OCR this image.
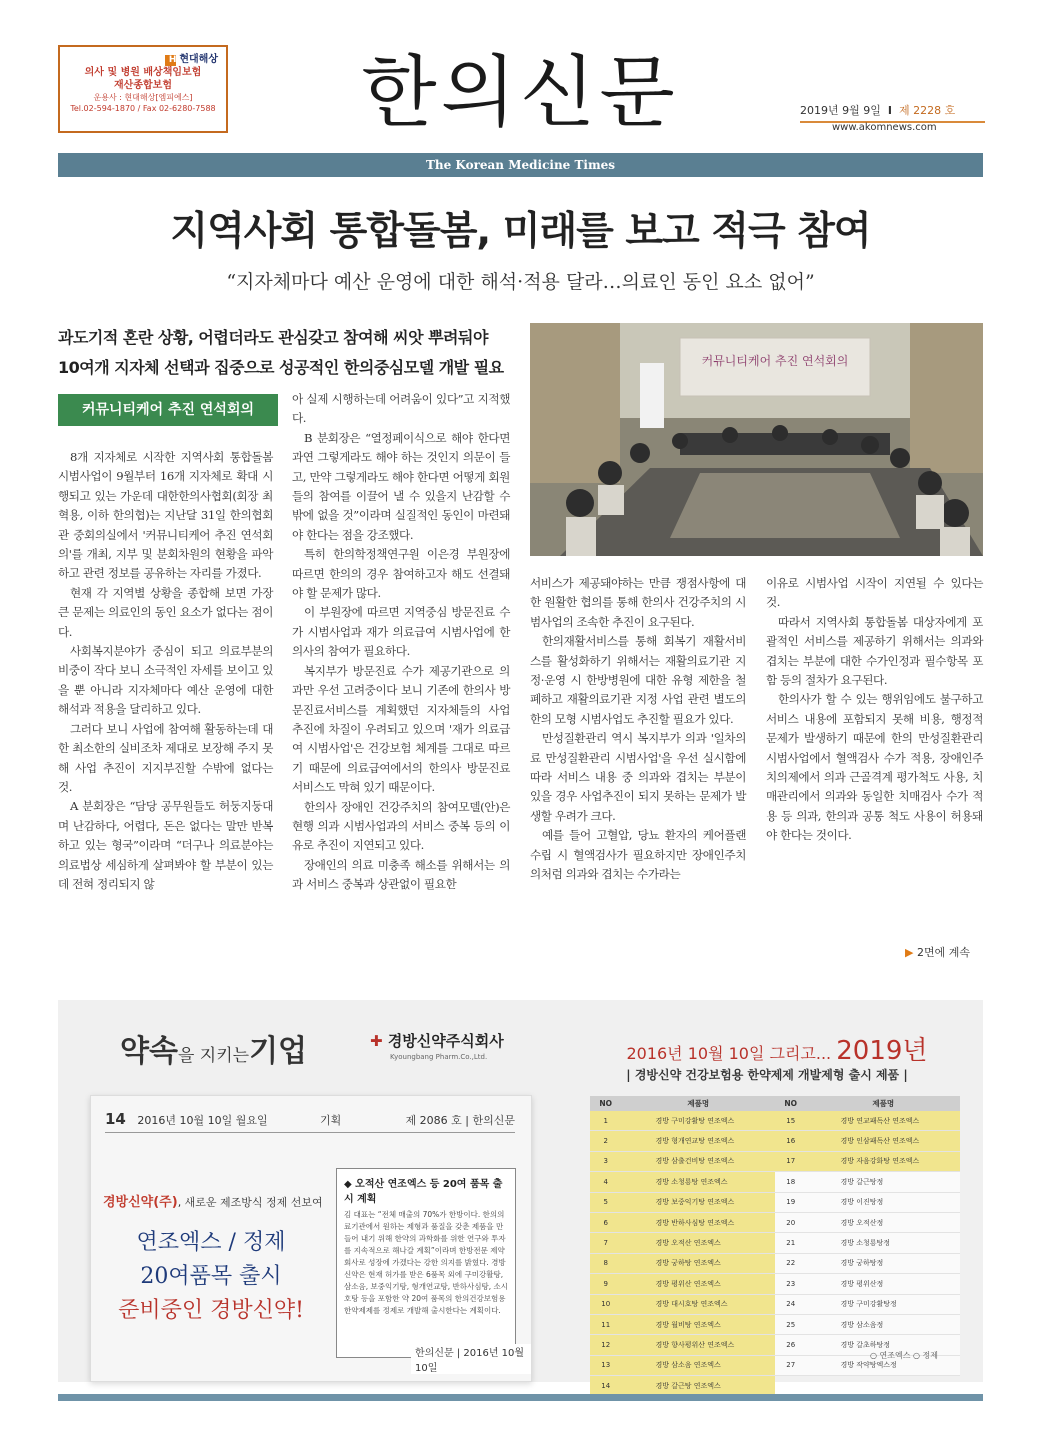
H 현대해상
의사 및 병원 배상책임보험
재산종합보험
운용사 : 현대해상[엠피에스]
Tel.02-594-1870 / Fax 02-6280-7588	한의신문	2019년 9월 9일 I 제 2228 호
www.akomnews.com
The Korean Medicine Times
지역사회 통합돌봄, 미래를 보고 적극 참여
“지자체마다 예산 운영에 대한 해석·적용 달라…의료인 동인 요소 없어”
과도기적 혼란 상황, 어렵더라도 관심갖고 참여해 씨앗 뿌려둬야
10여개 지자체 선택과 집중으로 성공적인 한의중심모델 개발 필요	커뮤니티케어 추진 연석회의
커뮤니티케어 추진 연석회의

8개 지자체로 시작한 지역사회 통합돌봄 시범사업이 9월부터 16개 지자체로 확대 시행되고 있는 가운데 대한한의사협회(회장 최혁용, 이하 한의협)는 지난달 31일 한의협회관 중회의실에서 '커뮤니티케어 추진 연석회의'를 개최, 지부 및 분회차원의 현황을 파악하고 관련 정보를 공유하는 자리를 가졌다.

현재 각 지역별 상황을 종합해 보면 가장 큰 문제는 의료인의 동인 요소가 없다는 점이다.

사회복지분야가 중심이 되고 의료부분의 비중이 작다 보니 소극적인 자세를 보이고 있을 뿐 아니라 지자체마다 예산 운영에 대한 해석과 적용을 달리하고 있다.

그러다 보니 사업에 참여해 활동하는데 대한 최소한의 실비조차 제대로 보장해 주지 못해 사업 추진이 지지부진할 수밖에 없다는 것.

A 분회장은 “담당 공무원들도 허둥지둥대며 난감하다, 어렵다, 돈은 없다는 말만 반복하고 있는 형국”이라며 “더구나 의료분야는 의료법상 세심하게 살펴봐야 할 부분이 있는데 전혀 정리되지 않

아 실제 시행하는데 어려움이 있다”고 지적했다.

B 분회장은 “열정페이식으로 해야 한다면 과연 그렇게라도 해야 하는 것인지 의문이 들고, 만약 그렇게라도 해야 한다면 어떻게 회원들의 참여를 이끌어 낼 수 있을지 난감할 수 밖에 없을 것”이라며 실질적인 동인이 마련돼야 한다는 점을 강조했다.

특히 한의학정책연구원 이은경 부원장에 따르면 한의의 경우 참여하고자 해도 선결돼야 할 문제가 많다.

이 부원장에 따르면 지역중심 방문진료 수가 시범사업과 재가 의료급여 시범사업에 한의사의 참여가 필요하다.

복지부가 방문진료 수가 제공기관으로 의과만 우선 고려중이다 보니 기존에 한의사 방문진료서비스를 계획했던 지자체들의 사업 추진에 차질이 우려되고 있으며 '재가 의료급여 시범사업'은 건강보험 체계를 그대로 따르기 때문에 의료급여에서의 한의사 방문진료 서비스도 막혀 있기 때문이다.

한의사 장애인 건강주치의 참여모델(안)은 현행 의과 시범사업과의 서비스 중복 등의 이유로 추진이 지연되고 있다.

장애인의 의료 미충족 해소를 위해서는 의과 서비스 중복과 상관없이 필요한

서비스가 제공돼야하는 만큼 쟁점사항에 대한 원활한 협의를 통해 한의사 건강주치의 시범사업의 조속한 추진이 요구된다.

한의재활서비스를 통해 회복기 재활서비스를 활성화하기 위해서는 재활의료기관 지정·운영 시 한방병원에 대한 유형 제한을 철폐하고 재활의료기관 지정 사업 관련 별도의 한의 모형 시범사업도 추진할 필요가 있다.

만성질환관리 역시 복지부가 의과 '일차의료 만성질환관리 시범사업'을 우선 실시함에 따라 서비스 내용 중 의과와 겹치는 부분이 있을 경우 사업추진이 되지 못하는 문제가 발생할 우려가 크다.

예를 들어 고혈압, 당뇨 환자의 케어플랜 수립 시 혈액검사가 필요하지만 장애인주치의처럼 의과와 겹치는 수가라는

이유로 시범사업 시작이 지연될 수 있다는 것.

따라서 지역사회 통합돌봄 대상자에게 포괄적인 서비스를 제공하기 위해서는 의과와 겹치는 부분에 대한 수가인정과 필수항목 포함 등의 절차가 요구된다.

한의사가 할 수 있는 행위임에도 불구하고 서비스 내용에 포함되지 못해 비용, 행정적 문제가 발생하기 때문에 한의 만성질환관리 시범사업에서 혈액검사 수가 적용, 장애인주치의제에서 의과 근골격계 평가척도 사용, 치매관리에서 의과와 동일한 치매검사 수가 적용 등 의과, 한의과 공통 척도 사용이 허용돼야 한다는 것이다.

▶ 2면에 계속
약속을 지키는기업	✚ 경방신약주식회사
Kyoungbang Pharm.Co.,Ltd.
14 2016년 10월 10일 월요일	기획	제 2086 호 | 한의신문
경방신약(주), 새로운 제조방식 정제 선보여
연조엑스 / 정제
20여품목 출시
준비중인 경방신약!
◆ 오적산 연조엑스 등 20여 품목 출시 계획
김 대표는 “전체 매출의 70%가 한방이다. 한의의 료기관에서 원하는 제형과 품질을 갖춘 제품을 만들어 내기 위해 한약의 과학화를 위한 연구와 투자를 지속적으로 해나갈 계획”이라며 한방전문 제약회사로 성장에 가겠다는 강한 의지를 밝혔다. 경방신약은 현재 허가를 받은 6품목 외에 구미강활탕, 삼소음, 보중익기탕, 형개연교탕, 반하사심탕, 소시호탕 등을 포함한 약 20여 품목의 한의건강보험용 한약제제를 정제로 개발해 출시한다는 계획이다.
한의신문 | 2016년 10월 10일
2016년 10월 10일 그리고... 2019년
| 경방신약 건강보험용 한약제제 개발제형 출시 제품 |
NO	제품명	NO	제품명
1	경방 구미강활탕 연조엑스	15	경방 연교패독산 연조엑스
2	경방 형개연교탕 연조엑스	16	경방 인삼패독산 연조엑스
3	경방 삼출건비탕 연조엑스	17	경방 자음강화탕 연조엑스
4	경방 소청룡탕 연조엑스	18	경방 갈근탕정
5	경방 보중익기탕 연조엑스	19	경방 이진탕정
6	경방 반하사심탕 연조엑스	20	경방 오적산정
7	경방 오적산 연조엑스	21	경방 소청룡탕정
8	경방 궁하탕 연조엑스	22	경방 궁하탕정
9	경방 평위산 연조엑스	23	경방 평위산정
10	경방 대시호탕 연조엑스	24	경방 구미강활탕정
11	경방 월비탕 연조엑스	25	경방 삼소음정
12	경방 향사평위산 연조엑스	26	경방 갈초하탕정
13	경방 삼소음 연조엑스	27	경방 작약탕엑스정
14	경방 갈근탕 연조엑스		
○ 연조엑스 ○ 정제
